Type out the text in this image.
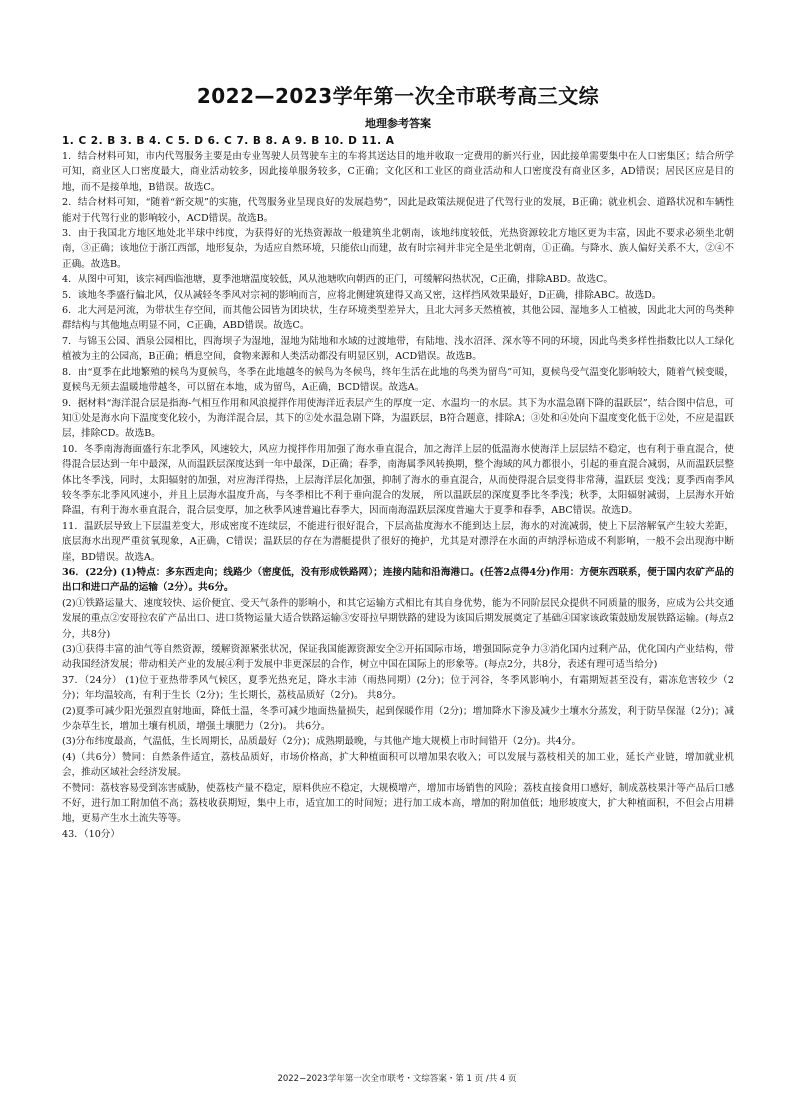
2022—2023学年第一次全市联考高三文综
地理参考答案
1. C 2. B 3. B 4. C 5. D 6. C 7. B 8. A 9. B 10. D 11. A

1．结合材料可知，市内代驾服务主要是由专业驾驶人员驾驶车主的车将其送达目的地并收取一定费用的新兴行业，因此接单需要集中在人口密集区；结合所学可知，商业区人口密度最大，商业活动较多，因此接单服务较多，C正确；文化区和工业区的商业活动和人口密度没有商业区多，AD错误；居民区应是目的地，而不是接单地，B错误。故选C。

2．结合材料可知，“随着“新交规”的实施，代驾服务业呈现良好的发展趋势”，因此是政策法规促进了代驾行业的发展，B正确；就业机会、道路状况和车辆性能对于代驾行业的影响较小，ACD错误。故选B。

3．由于我国北方地区地处北半球中纬度，为获得好的光热资源故一般建筑坐北朝南，该地纬度较低，光热资源较北方地区更为丰富，因此不要求必须坐北朝南，③正确；该地位于浙江西部，地形复杂，为适应自然环境，只能依山而建，故有时宗祠并非完全是坐北朝南，①正确。与降水、族人偏好关系不大，②④不正确。故选B。

4．从图中可知，该宗祠西临池塘，夏季池塘温度较低，风从池塘吹向朝西的正门，可缓解闷热状况，C正确，排除ABD。故选C。

5．该地冬季盛行偏北风，仅从减轻冬季风对宗祠的影响而言，应将北侧建筑建得又高又密，这样挡风效果最好，D正确，排除ABC。故选D。

6．北大河是河流，为带状生存空间，而其他公园皆为团块状，生存环境类型差异大，且北大河多天然植被，其他公园、湿地多人工植被，因此北大河的鸟类种群结构与其他地点明显不同，C正确，ABD错误。故选C。

7．与锦玉公园、酒泉公园相比，四海坝子为湿地，湿地为陆地和水域的过渡地带，有陆地、浅水沼泽、深水等不同的环境，因此鸟类多样性指数比以人工绿化植被为主的公园高，B正确；栖息空间，食物来源和人类活动都没有明显区别，ACD错误。故选B。

8．由“夏季在此地繁殖的候鸟为夏候鸟，冬季在此地越冬的候鸟为冬候鸟，终年生活在此地的鸟类为留鸟”可知，夏候鸟受气温变化影响较大，随着气候变暖，夏候鸟无须去温暖地带越冬，可以留在本地，成为留鸟，A正确，BCD错误。故选A。

9．据材料“海洋混合层是指海-气相互作用和风浪搅拌作用使海洋近表层产生的厚度一定、水温均一的水层。其下为水温急剧下降的温跃层”，结合图中信息，可知①处是海水向下温度变化较小，为海洋混合层，其下的②处水温急剧下降，为温跃层，B符合题意，排除A；③处和④处向下温度变化低于②处，不应是温跃层，排除CD。故选B。

10．冬季南海海面盛行东北季风，风速较大，风应力搅拌作用加强了海水垂直混合，加之海洋上层的低温海水使海洋上层层结不稳定，也有利于垂直混合，使得混合层达到一年中最深，从而温跃层深度达到一年中最深，D正确；春季，南海属季风转换期，整个海域的风力都很小，引起的垂直混合减弱，从而温跃层整体比冬季浅，同时，太阳辐射的加强，对应海洋得热，上层海洋层化加强，抑制了海水的垂直混合，从而使得混合层变得非常薄，温跃层 变浅；夏季西南季风较冬季东北季风风速小，并且上层海水温度升高，与冬季相比不利于垂向混合的发展， 所以温跃层的深度夏季比冬季浅；秋季，太阳辐射减弱，上层海水开始降温，有利于海水垂直混合，混合层变厚，加之秋季风速普遍比春季大，因而南海温跃层深度普遍大于夏季和春季，ABC错误。故选D。

11．温跃层导致上下层温差变大，形成密度不连续层，不能进行很好混合，下层高盐度海水不能到达上层，海水的对流减弱，使上下层溶解氧产生较大差距，底层海水出现严重贫氧现象，A正确，C错误；温跃层的存在为潜艇提供了很好的掩护，尤其是对漂浮在水面的声纳浮标造成不利影响，一般不会出现海中断崖，BD错误。故选A。

36．(22分) (1)特点：多东西走向；线路少（密度低，没有形成铁路网）；连接内陆和沿海港口。(任答2点得4分)作用：方便东西联系，便于国内农矿产品的出口和进口产品的运输（2分）。共6分。

(2)①铁路运量大、速度较快、运价便宜、受天气条件的影响小，和其它运输方式相比有其自身优势，能为不同阶层民众提供不同质量的服务，应成为公共交通发展的重点②安哥拉农矿产品出口、进口货物运量大适合铁路运输③安哥拉早期铁路的建设为该国后期发展奠定了基础④国家该政策鼓励发展铁路运输。(每点2分，共8分)

(3)①获得丰富的油气等自然资源，缓解资源紧张状况，保证我国能源资源安全②开拓国际市场，增强国际竞争力③消化国内过剩产品，优化国内产业结构，带动我国经济发展；带动相关产业的发展④利于发展中非更深层的合作，树立中国在国际上的形象等。(每点2分，共8分，表述有理可适当给分)

37．（24分） (1)位于亚热带季风气候区，夏季光热充足，降水丰沛（雨热同期）(2分)；位于河谷，冬季风影响小，有霜期短甚至没有，霜冻危害较少（2分)；年均温较高，有利于生长（2分)；生长期长，荔枝品质好（2分)。 共8分。

(2)夏季可减少阳光强烈直射地面，降低土温，冬季可减少地面热量损失，起到保暖作用（2分)；增加降水下渗及减少土壤水分蒸发，利于防旱保湿（2分)；减少杂草生长，增加土壤有机质，增强土壤肥力（2分)。 共6分。

(3)分布纬度最高，气温低，生长周期长，品质最好（2分)；成熟期最晚，与其他产地大规模上市时间错开（2分)。共4分。

(4)（共6分）赞同：自然条件适宜，荔枝品质好，市场价格高，扩大种植面积可以增加果农收入；可以发展与荔枝相关的加工业，延长产业链，增加就业机会，推动区域社会经济发展。

不赞同：荔枝容易受到冻害威胁，使荔枝产量不稳定，原料供应不稳定，大规模增产，增加市场销售的风险；荔枝直接食用口感好，制成荔枝果汁等产品后口感不好，进行加工附加值不高；荔枝收获期短，集中上市，适宜加工的时间短；进行加工成本高，增加的附加值低；地形坡度大，扩大种植面积，不但会占用耕地，更易产生水土流失等等。

43．（10分）

2022−2023学年第一次全市联考・文综答案・第 1 页 /共 4 页
